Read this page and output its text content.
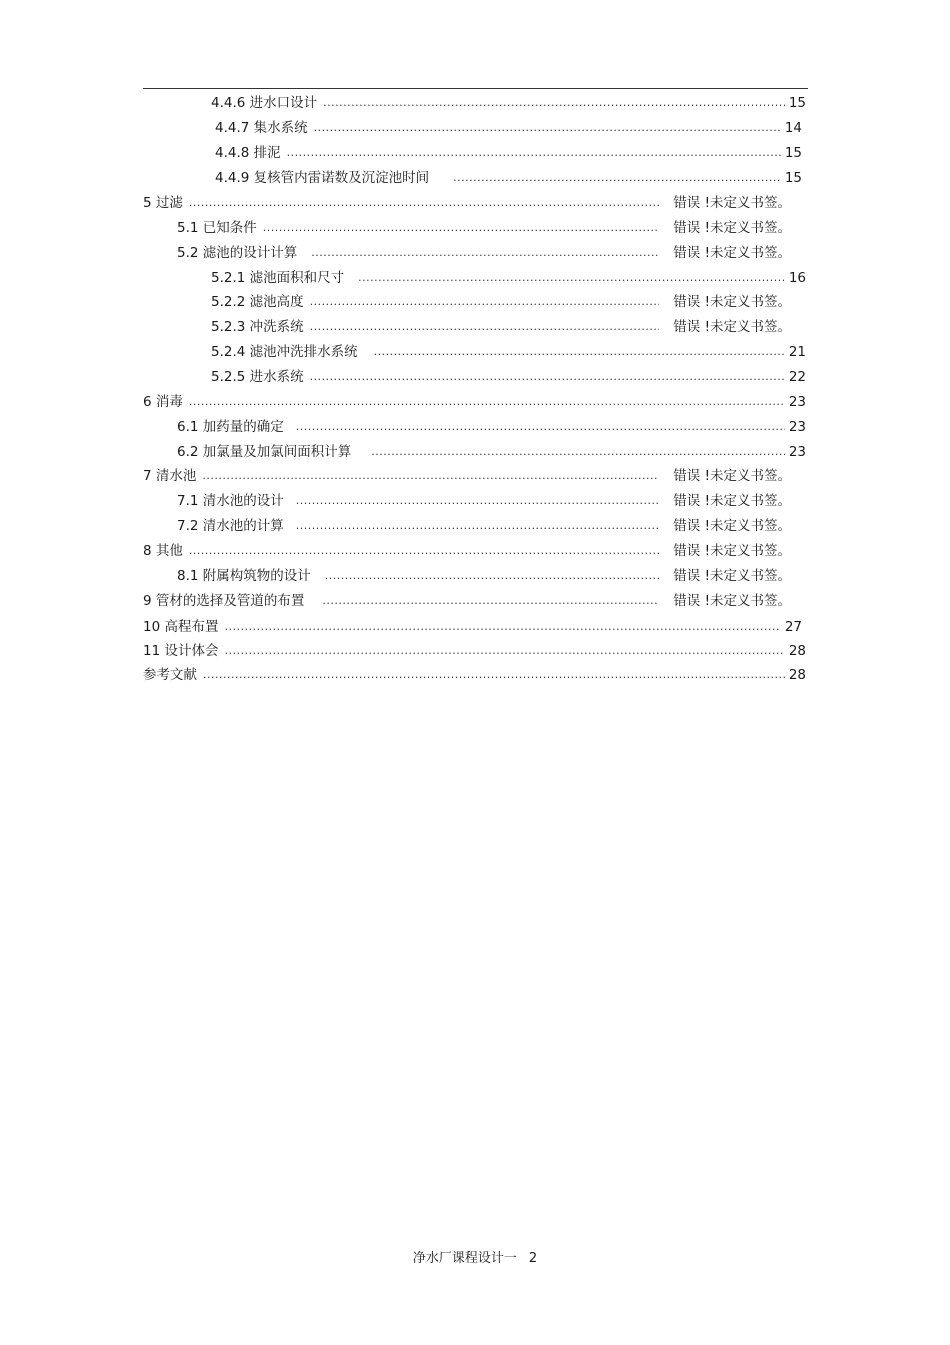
4.4.6 进水口设计 .....	15
4.4.7 集水系统 .....	14
4.4.8 排泥 .....	15
4.4.9 复核管内雷诺数及沉淀池时间 .....	15
5 过滤 .....	错误 !未定义书签。
5.1 已知条件 .....	错误 !未定义书签。
5.2 滤池的设计计算 .....	错误 !未定义书签。
5.2.1 滤池面积和尺寸 .....	16
5.2.2 滤池高度 .....	错误 !未定义书签。
5.2.3 冲洗系统 .....	错误 !未定义书签。
5.2.4 滤池冲洗排水系统 .....	21
5.2.5 进水系统 .....	22
6 消毒 .....	23
6.1 加药量的确定 .....	23
6.2 加氯量及加氯间面积计算 .....	23
7 清水池 .....	错误 !未定义书签。
7.1 清水池的设计 .....	错误 !未定义书签。
7.2 清水池的计算 .....	错误 !未定义书签。
8 其他 .....	错误 !未定义书签。
8.1 附属构筑物的设计 .....	错误 !未定义书签。
9 管材的选择及管道的布置 .....	错误 !未定义书签。
10 高程布置 .....	27
11 设计体会 .....	28
参考文献 .....	28
净水厂课程设计一 2
